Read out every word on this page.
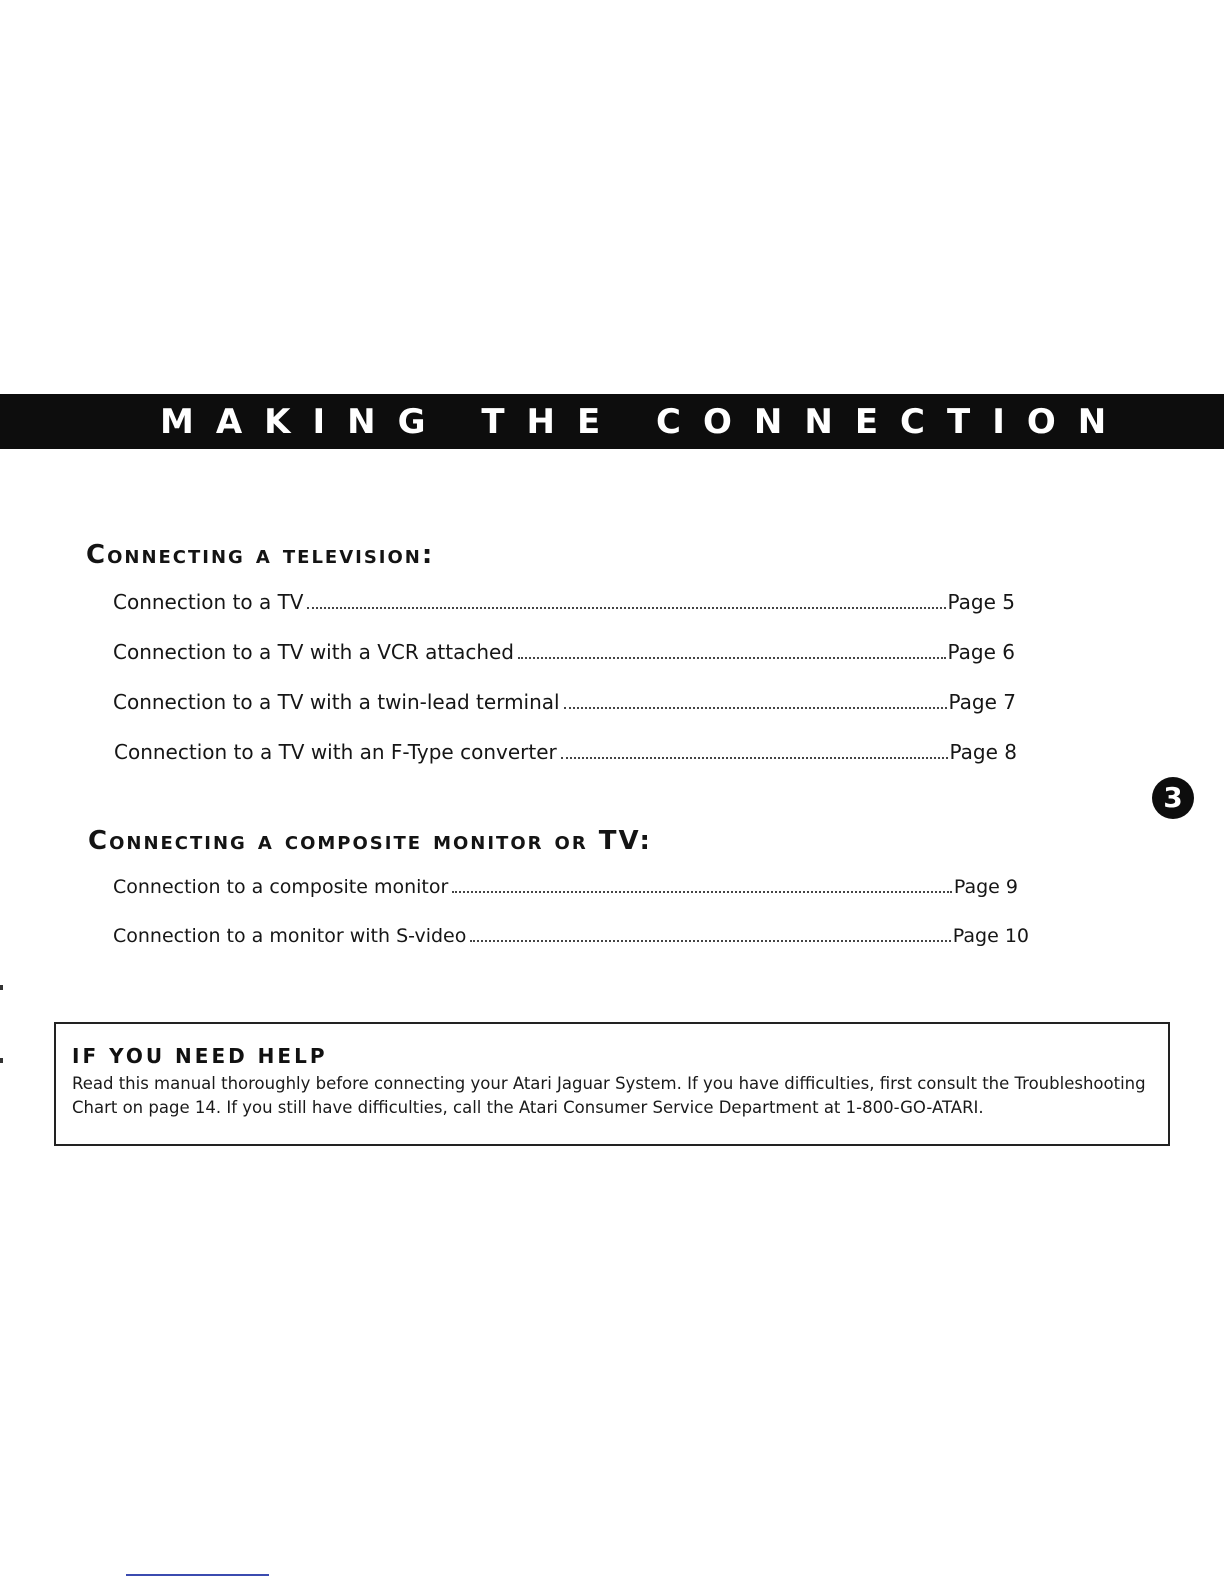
MAKING THE CONNECTION
Connecting a television:
Connection to a TV	Page 5
Connection to a TV with a VCR attached	Page 6
Connection to a TV with a twin-lead terminal	Page 7
Connection to a TV with an F-Type converter	Page 8
3
Connecting a composite monitor or TV:
Connection to a composite monitor	Page 9
Connection to a monitor with S-video	Page 10
IF YOU NEED HELP
Read this manual thoroughly before connecting your Atari Jaguar System. If you have difficulties, first consult the Troubleshooting Chart on page 14. If you still have difficulties, call the Atari Consumer Service Department at 1-800-GO-ATARI.
